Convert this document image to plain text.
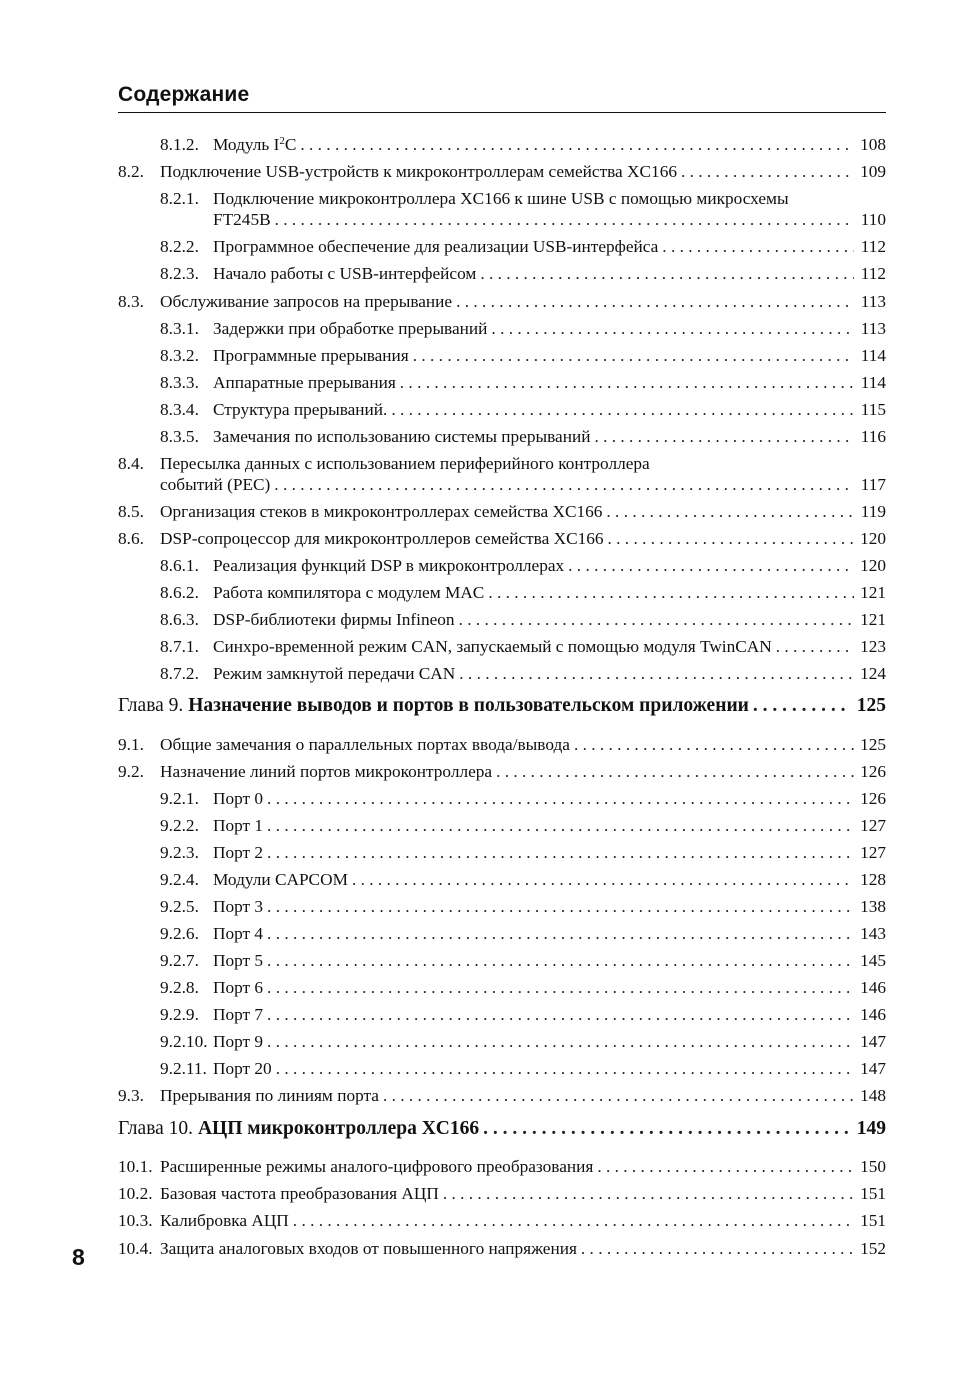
Содержание
8.1.2. Модуль $I^2C$ . . .	108
8.2. Подключение USB-устройств к микроконтроллерам семейства XC166 . . .	109
8.2.1. Подключение микроконтроллера XC166 к шине USB с помощью микросхемы
FT245B . . .	110
8.2.2. Программное обеспечение для реализации USB-интерфейса . . .	112
8.2.3. Начало работы с USB-интерфейсом . . .	112
8.3. Обслуживание запросов на прерывание . . .	113
8.3.1. Задержки при обработке прерываний . . .	113
8.3.2. Программные прерывания . . .	114
8.3.3. Аппаратные прерывания . . .	114
8.3.4. Структура прерываний. . . .	115
8.3.5. Замечания по использованию системы прерываний . . .	116
8.4. Пересылка данных с использованием периферийного контроллера
событий (PEC) . . .	117
8.5. Организация стеков в микроконтроллерах семейства XC166 . . .	119
8.6. DSP-сопроцессор для микроконтроллеров семейства XC166 . . .	120
8.6.1. Реализация функций DSP в микроконтроллерах . . .	120
8.6.2. Работа компилятора с модулем MAC . . .	121
8.6.3. DSP-библиотеки фирмы Infineon . . .	121
8.7.1. Синхро-временной режим CAN, запускаемый с помощью модуля TwinCAN . . .	123
8.7.2. Режим замкнутой передачи CAN . . .	124
Глава 9. Назначение выводов и портов в пользовательском приложении . . .	125
9.1. Общие замечания о параллельных портах ввода/вывода . . .	125
9.2. Назначение линий портов микроконтроллера . . .	126
9.2.1. Порт 0 . . .	126
9.2.2. Порт 1 . . .	127
9.2.3. Порт 2 . . .	127
9.2.4. Модули CAPCOM . . .	128
9.2.5. Порт 3 . . .	138
9.2.6. Порт 4 . . .	143
9.2.7. Порт 5 . . .	145
9.2.8. Порт 6 . . .	146
9.2.9. Порт 7 . . .	146
9.2.10. Порт 9 . . .	147
9.2.11. Порт 20 . . .	147
9.3. Прерывания по линиям порта . . .	148
Глава 10. АЦП микроконтроллера XC166 . . .	149
10.1. Расширенные режимы аналого-цифрового преобразования . . .	150
10.2. Базовая частота преобразования АЦП . . .	151
10.3. Калибровка АЦП . . .	151
10.4. Защита аналоговых входов от повышенного напряжения . . .	152
8
